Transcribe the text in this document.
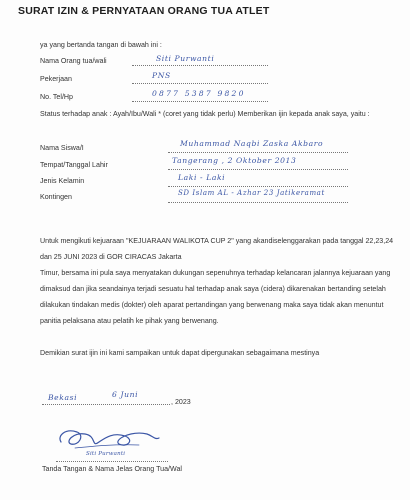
SURAT IZIN & PERNYATAAN ORANG TUA ATLET
ya yang bertanda tangan di bawah ini :
Nama Orang tua/wali	Siti Purwanti
Pekerjaan	PNS
No. Tel/Hp	0877 5387 9820
Status terhadap anak : Ayah/Ibu/Wali * (coret yang tidak perlu) Memberikan ijin kepada anak saya, yaitu :
Nama Siswa/I	Muhammad Naqbi Zaska Akbaro
Tempat/Tanggal Lahir	Tangerang , 2 Oktober 2013
Jenis Kelamin	Laki - Laki
Kontingen	SD Islam AL - Azhar 23 Jatikeramat
Untuk mengikuti kejuaraan "KEJUARAAN WALIKOTA CUP 2" yang akandiselenggarakan pada tanggal 22,23,24 dan 25 JUNI 2023 di GOR CIRACAS Jakarta
Timur, bersama ini pula saya menyatakan dukungan sepenuhnya terhadap kelancaran jalannya kejuaraan yang dimaksud dan jika seandainya terjadi sesuatu hal terhadap anak saya (cidera) dikarenakan bertanding setelah dilakukan tindakan medis (dokter) oleh aparat pertandingan yang berwenang maka saya tidak akan menuntut panitia pelaksana atau pelatih ke pihak yang berwenang.
Demikian surat ijin ini kami sampaikan untuk dapat dipergunakan sebagaimana mestinya
Bekasi	6 Juni
, 2023
Siti Purwanti
Tanda Tangan & Nama Jelas Orang Tua/Wal
